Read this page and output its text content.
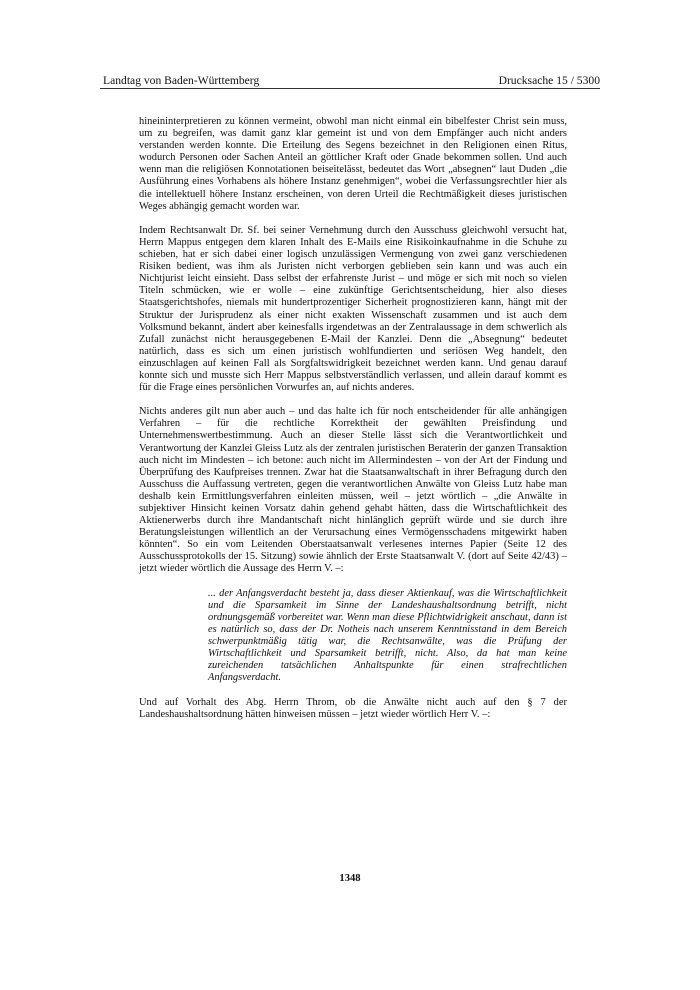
Landtag von Baden-Württemberg	Drucksache 15 / 5300

hineininterpretieren zu können vermeint, obwohl man nicht einmal ein bibelfester Christ sein muss, um zu begreifen, was damit ganz klar gemeint ist und von dem Empfänger auch nicht anders verstanden werden konnte. Die Erteilung des Segens bezeichnet in den Religionen einen Ritus, wodurch Personen oder Sachen Anteil an göttlicher Kraft oder Gnade bekommen sollen. Und auch wenn man die religiösen Konnotationen beiseitelässt, bedeutet das Wort „absegnen“ laut Duden „die Ausführung eines Vorhabens als höhere Instanz genehmigen“, wobei die Verfassungsrechtler hier als die intellektuell höhere Instanz erscheinen, von deren Urteil die Rechtmäßigkeit dieses juristischen Weges abhängig gemacht worden war.

Indem Rechtsanwalt Dr. Sf. bei seiner Vernehmung durch den Ausschuss gleichwohl versucht hat, Herrn Mappus entgegen dem klaren Inhalt des E-Mails eine Risikoinkaufnahme in die Schuhe zu schieben, hat er sich dabei einer logisch unzulässigen Vermengung von zwei ganz verschiedenen Risiken bedient, was ihm als Juristen nicht verborgen geblieben sein kann und was auch ein Nichtjurist leicht einsieht. Dass selbst der erfahrenste Jurist – und möge er sich mit noch so vielen Titeln schmücken, wie er wolle – eine zukünftige Gerichtsentscheidung, hier also dieses Staatsgerichtshofes, niemals mit hundertprozentiger Sicherheit prognostizieren kann, hängt mit der Struktur der Jurisprudenz als einer nicht exakten Wissenschaft zusammen und ist auch dem Volksmund bekannt, ändert aber keinesfalls irgendetwas an der Zentralaussage in dem schwerlich als Zufall zunächst nicht herausgegebenen E-Mail der Kanzlei. Denn die „Absegnung“ bedeutet natürlich, dass es sich um einen juristisch wohlfundierten und seriösen Weg handelt, den einzuschlagen auf keinen Fall als Sorgfaltswidrigkeit bezeichnet werden kann. Und genau darauf konnte sich und musste sich Herr Mappus selbstverständlich verlassen, und allein darauf kommt es für die Frage eines persönlichen Vorwurfes an, auf nichts anderes.

Nichts anderes gilt nun aber auch – und das halte ich für noch entscheidender für alle anhängigen Verfahren – für die rechtliche Korrektheit der gewählten Preisfindung und Unternehmenswertbestimmung. Auch an dieser Stelle lässt sich die Verantwortlichkeit und Verantwortung der Kanzlei Gleiss Lutz als der zentralen juristischen Beraterin der ganzen Transaktion auch nicht im Mindesten – ich betone: auch nicht im Allermindesten – von der Art der Findung und Überprüfung des Kaufpreises trennen. Zwar hat die Staatsanwaltschaft in ihrer Befragung durch den Ausschuss die Auffassung vertreten, gegen die verantwortlichen Anwälte von Gleiss Lutz habe man deshalb kein Ermittlungsverfahren einleiten müssen, weil – jetzt wörtlich – „die Anwälte in subjektiver Hinsicht keinen Vorsatz dahin gehend gehabt hätten, dass die Wirtschaftlichkeit des Aktienerwerbs durch ihre Mandantschaft nicht hinlänglich geprüft würde und sie durch ihre Beratungsleistungen willentlich an der Verursachung eines Vermögensschadens mitgewirkt haben könnten“. So ein vom Leitenden Oberstaatsanwalt verlesenes internes Papier (Seite 12 des Ausschussprotokolls der 15. Sitzung) sowie ähnlich der Erste Staatsanwalt V. (dort auf Seite 42/43) – jetzt wieder wörtlich die Aussage des Herrn V. –:

... der Anfangsverdacht besteht ja, dass dieser Aktienkauf, was die Wirtschaftlichkeit und die Sparsamkeit im Sinne der Landeshaushaltsordnung betrifft, nicht ordnungsgemäß vorbereitet war. Wenn man diese Pflichtwidrigkeit anschaut, dann ist es natürlich so, dass der Dr. Notheis nach unserem Kenntnisstand in dem Bereich schwerpunktmäßig tätig war, die Rechtsanwälte, was die Prüfung der Wirtschaftlichkeit und Sparsamkeit betrifft, nicht. Also, da hat man keine zureichenden tatsächlichen Anhaltspunkte für einen strafrechtlichen Anfangsverdacht.

Und auf Vorhalt des Abg. Herrn Throm, ob die Anwälte nicht auch auf den § 7 der Landeshaushaltsordnung hätten hinweisen müssen – jetzt wieder wörtlich Herr V. –:

1348
